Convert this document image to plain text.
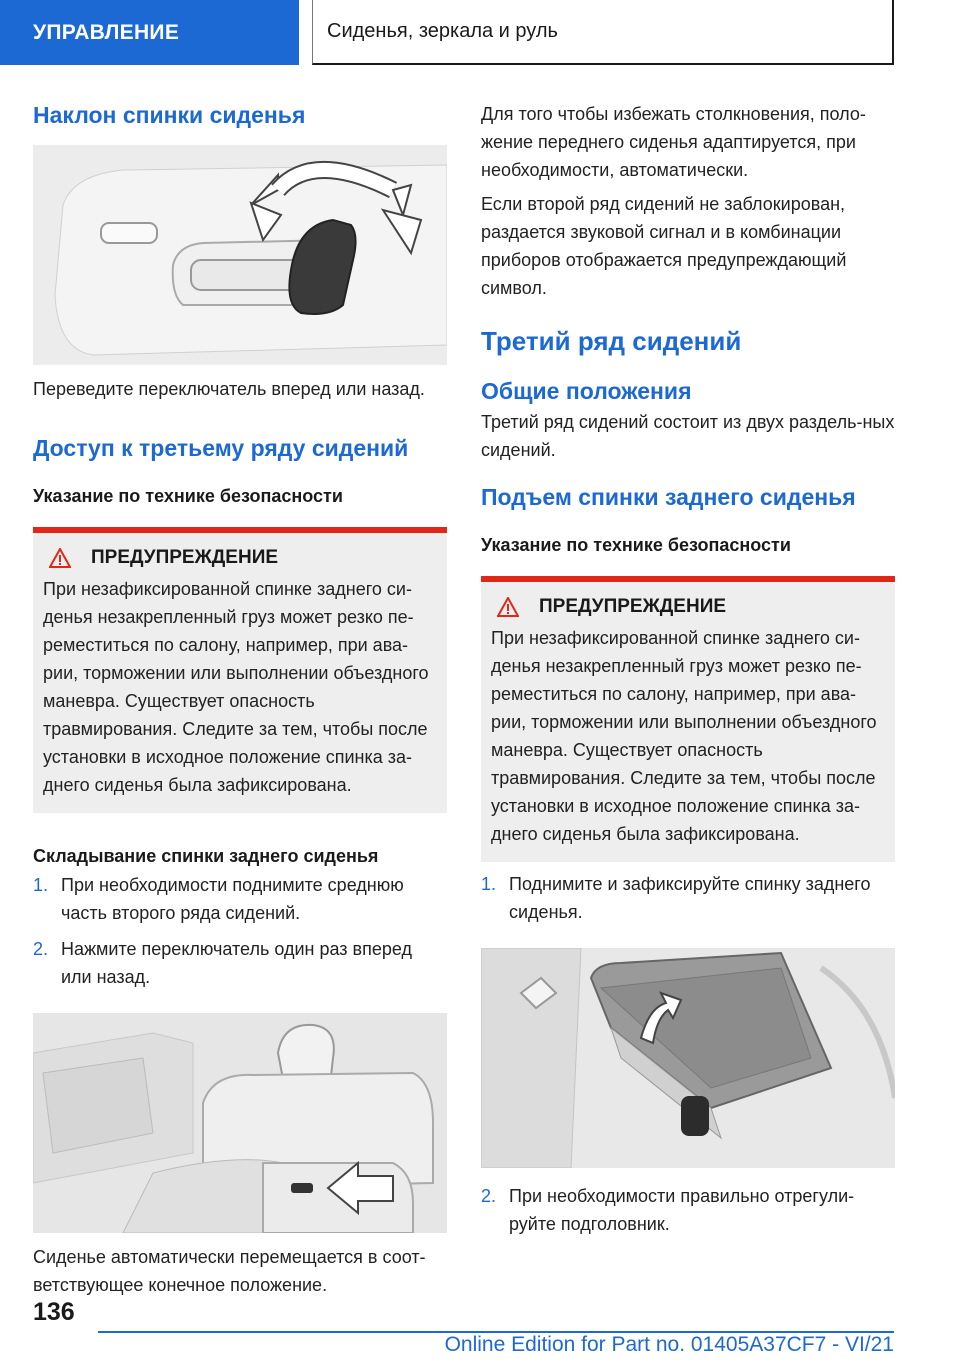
УПРАВЛЕНИЕ	Сиденья, зеркала и руль
Наклон спинки сиденья

Переведите переключатель вперед или назад.

Доступ к третьему ряду сидений
Указание по технике безопасности
ПРЕДУПРЕЖДЕНИЕ

При незафиксированной спинке заднего си-денья незакрепленный груз может резко пе-реместиться по салону, например, при ава-рии, торможении или выполнении объездного маневра. Существует опасность травмирования. Следите за тем, чтобы после установки в исходное положение спинка за-днего сиденья была зафиксирована.

Складывание спинки заднего сиденья
1. При необходимости поднимите среднюю часть второго ряда сидений.
2. Нажмите переключатель один раз вперед или назад.

Сиденье автоматически перемещается в соот-ветствующее конечное положение.

Для того чтобы избежать столкновения, поло-жение переднего сиденья адаптируется, при необходимости, автоматически.

Если второй ряд сидений не заблокирован, раздается звуковой сигнал и в комбинации приборов отображается предупреждающий символ.

Третий ряд сидений
Общие положения

Третий ряд сидений состоит из двух раздель-ных сидений.

Подъем спинки заднего сиденья
Указание по технике безопасности
ПРЕДУПРЕЖДЕНИЕ

При незафиксированной спинке заднего си-денья незакрепленный груз может резко пе-реместиться по салону, например, при ава-рии, торможении или выполнении объездного маневра. Существует опасность травмирования. Следите за тем, чтобы после установки в исходное положение спинка за-днего сиденья была зафиксирована.

1. Поднимите и зафиксируйте спинку заднего сиденья.
2. При необходимости правильно отрегули-руйте подголовник.
136
Online Edition for Part no. 01405A37CF7 - VI/21
